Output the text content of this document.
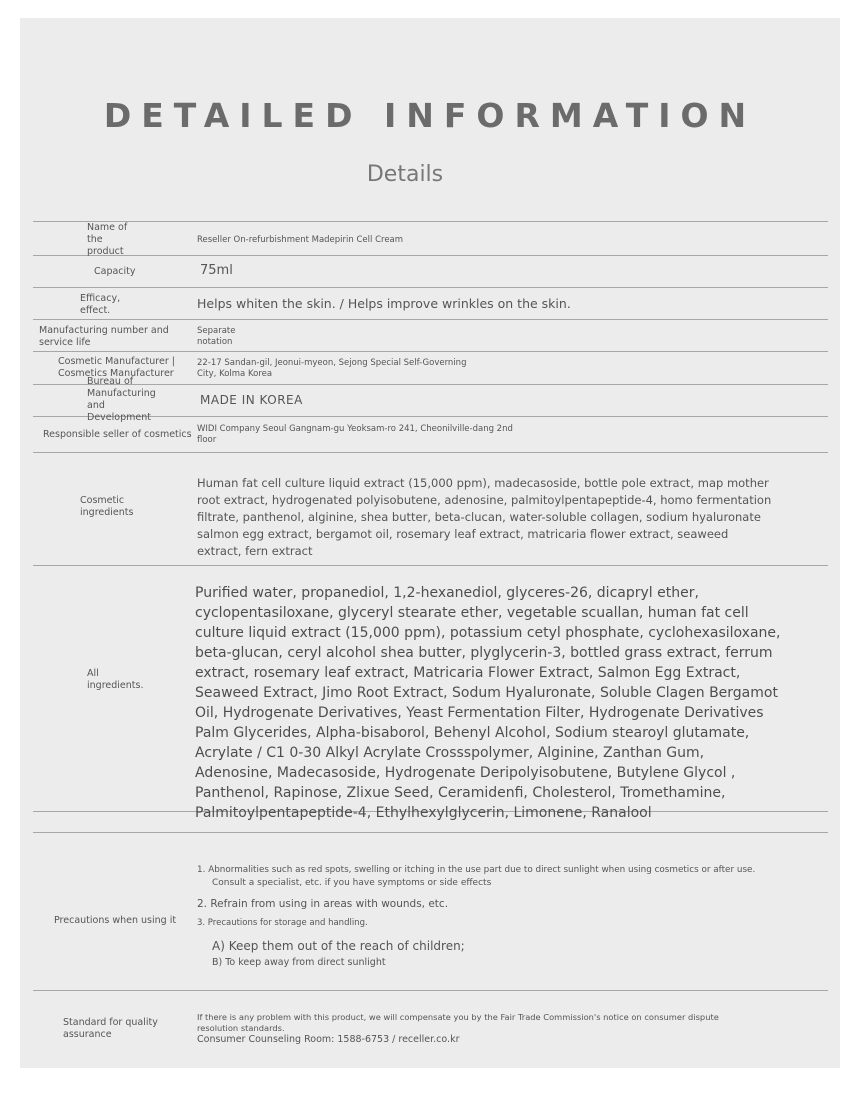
DETAILED INFORMATION
Details
Name of the product
Reseller On-refurbishment Madepirin Cell Cream
Capacity	75ml
Efficacy, effect.	Helps whiten the skin. / Helps improve wrinkles on the skin.
Manufacturing number and service life
Separate notation
Cosmetic Manufacturer | Cosmetics Manufacturer
22-17 Sandan-gil, Jeonui-myeon, Sejong Special Self-Governing City, Kolma Korea
Bureau of Manufacturing and Development
MADE IN KOREA
Responsible seller of cosmetics WIDI Company Seoul Gangnam-gu Yeoksam-ro 241, Cheonilville-dang 2nd floor
Cosmetic ingredients
Human fat cell culture liquid extract (15,000 ppm), madecasoside, bottle pole extract, map mother root extract, hydrogenated polyisobutene, adenosine, palmitoylpentapeptide-4, homo fermentation filtrate, panthenol, alginine, shea butter, beta-clucan, water-soluble collagen, sodium hyaluronate salmon egg extract, bergamot oil, rosemary leaf extract, matricaria flower extract, seaweed extract, fern extract
All ingredients.
Purified water, propanediol, 1,2-hexanediol, glyceres-26, dicapryl ether, cyclopentasiloxane, glyceryl stearate ether, vegetable scuallan, human fat cell culture liquid extract (15,000 ppm), potassium cetyl phosphate, cyclohexasiloxane, beta-glucan, ceryl alcohol shea butter, plyglycerin-3, bottled grass extract, ferrum extract, rosemary leaf extract, Matricaria Flower Extract, Salmon Egg Extract, Seaweed Extract, Jimo Root Extract, Sodum Hyaluronate, Soluble Clagen Bergamot Oil, Hydrogenate Derivatives, Yeast Fermentation Filter, Hydrogenate Derivatives Palm Glycerides, Alpha-bisaborol, Behenyl Alcohol, Sodium stearoyl glutamate, Acrylate / C1 0-30 Alkyl Acrylate Crossspolymer, Alginine, Zanthan Gum, Adenosine, Madecasoside, Hydrogenate Deripolyisobutene, Butylene Glycol , Panthenol, Rapinose, Zlixue Seed, Ceramidenfi, Cholesterol, Tromethamine, Palmitoylpentapeptide-4, Ethylhexylglycerin, Limonene, Ranalool
Precautions when using it
1. Abnormalities such as red spots, swelling or itching in the use part due to direct sunlight when using cosmetics or after use.
Consult a specialist, etc. if you have symptoms or side effects
2. Refrain from using in areas with wounds, etc.
3. Precautions for storage and handling.
A) Keep them out of the reach of children;
B) To keep away from direct sunlight
Standard for quality assurance
If there is any problem with this product, we will compensate you by the Fair Trade Commission's notice on consumer dispute resolution standards.
Consumer Counseling Room: 1588-6753 / receller.co.kr
